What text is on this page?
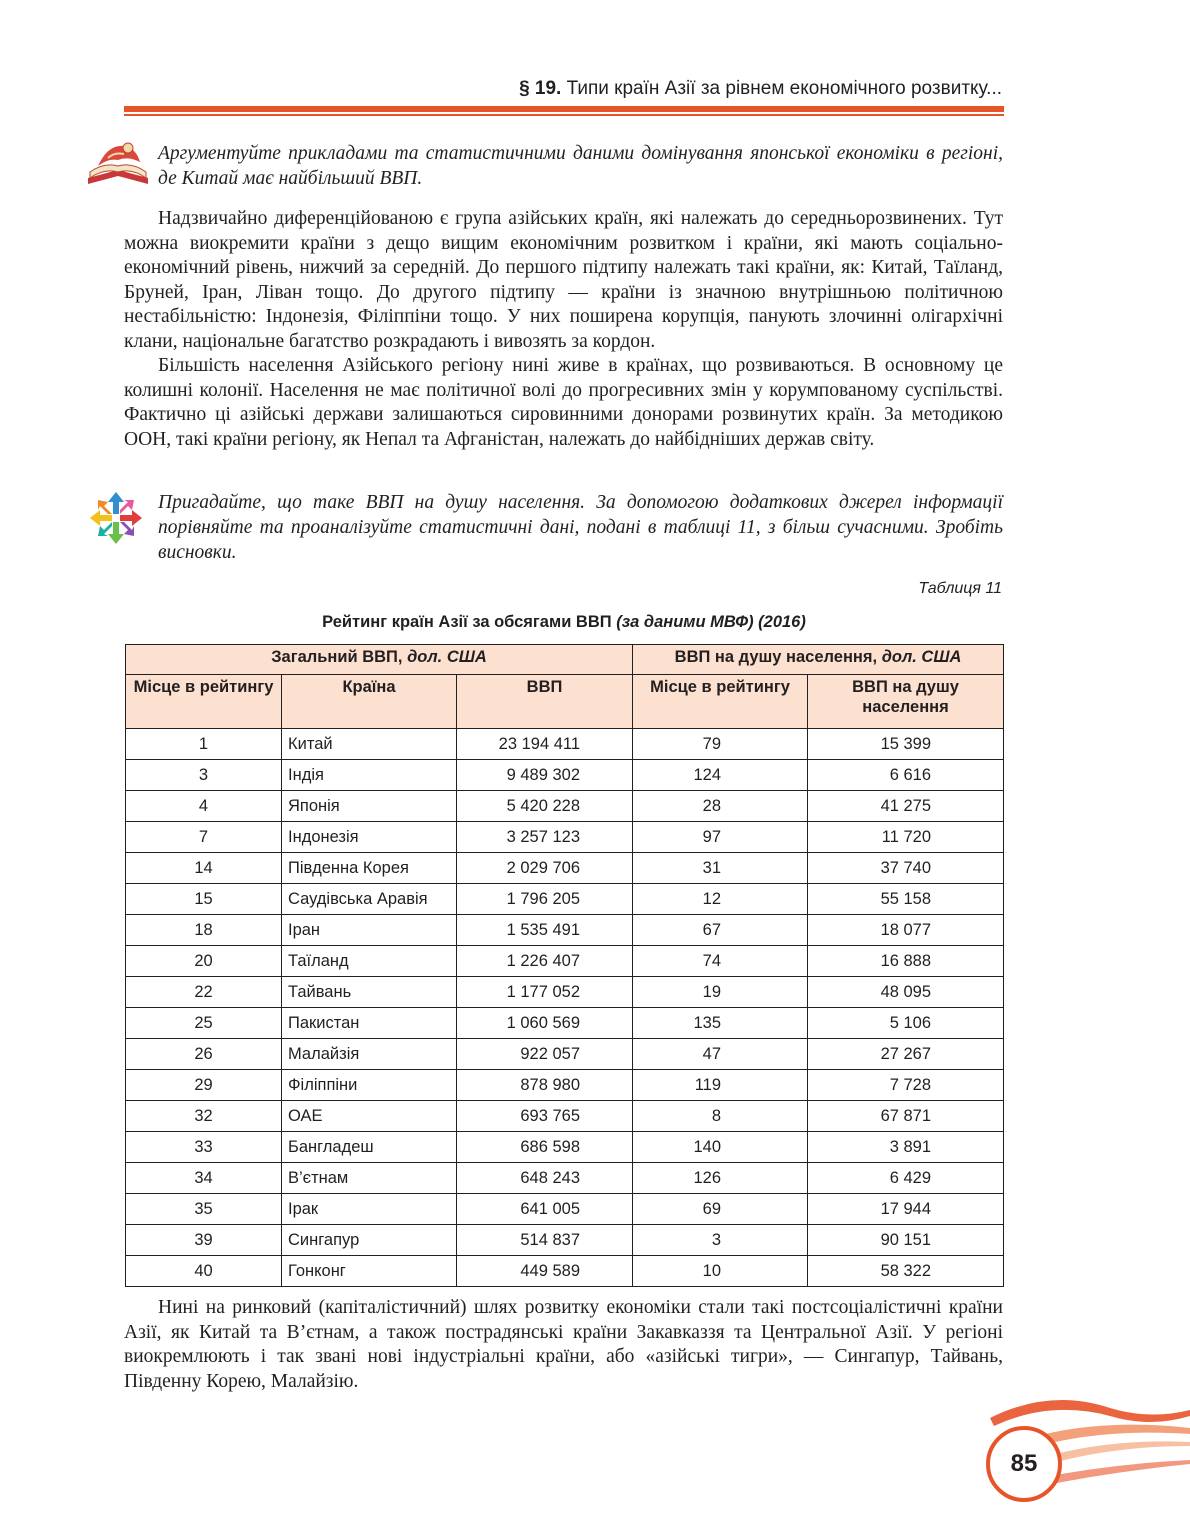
§ 19. Типи країн Азії за рівнем економічного розвитку...
Аргументуйте прикладами та статистичними даними домінування японської економіки в регіоні, де Китай має найбільший ВВП.

Надзвичайно диференційованою є група азійських країн, які належать до середньорозвинених. Тут можна виокремити країни з дещо вищим економічним розвитком і країни, які мають соціально-економічний рівень, нижчий за середній. До першого підтипу належать такі країни, як: Китай, Таїланд, Бруней, Іран, Ліван тощо. До другого підтипу — країни із значною внутрішньою політичною нестабільністю: Індонезія, Філіппіни тощо. У них поширена корупція, панують злочинні олігархічні клани, національне багатство розкрадають і вивозять за кордон.

Більшість населення Азійського регіону нині живе в країнах, що розвиваються. В основному це колишні колонії. Населення не має політичної волі до прогресивних змін у корумпованому суспільстві. Фактично ці азійські держави залишаються сировинними донорами розвинутих країн. За методикою ООН, такі країни регіону, як Непал та Афганістан, належать до найбідніших держав світу.

Пригадайте, що таке ВВП на душу населення. За допомогою додаткових джерел інформації порівняйте та проаналізуйте статистичні дані, подані в таблиці 11, з більш сучасними. Зробіть висновки.
Таблиця 11
Рейтинг країн Азії за обсягами ВВП (за даними МВФ) (2016)
Загальний ВВП, дол. США			ВВП на душу населення, дол. США	
Місце в рейтингу	Країна	ВВП	Місце в рейтингу	ВВП на душу населення
1	Китай	23 194 411	79	15 399
3	Індія	9 489 302	124	6 616
4	Японія	5 420 228	28	41 275
7	Індонезія	3 257 123	97	11 720
14	Південна Корея	2 029 706	31	37 740
15	Саудівська Аравія	1 796 205	12	55 158
18	Іран	1 535 491	67	18 077
20	Таїланд	1 226 407	74	16 888
22	Тайвань	1 177 052	19	48 095
25	Пакистан	1 060 569	135	5 106
26	Малайзія	922 057	47	27 267
29	Філіппіни	878 980	119	7 728
32	ОАЕ	693 765	8	67 871
33	Бангладеш	686 598	140	3 891
34	В’єтнам	648 243	126	6 429
35	Ірак	641 005	69	17 944
39	Сингапур	514 837	3	90 151
40	Гонконг	449 589	10	58 322

Нині на ринковий (капіталістичний) шлях розвитку економіки стали такі постсоціалістичні країни Азії, як Китай та В’єтнам, а також пострадянські країни Закавказзя та Центральної Азії. У регіоні виокремлюють і так звані нові індустріальні країни, або «азійські тигри», — Сингапур, Тайвань, Південну Корею, Малайзію.

85
